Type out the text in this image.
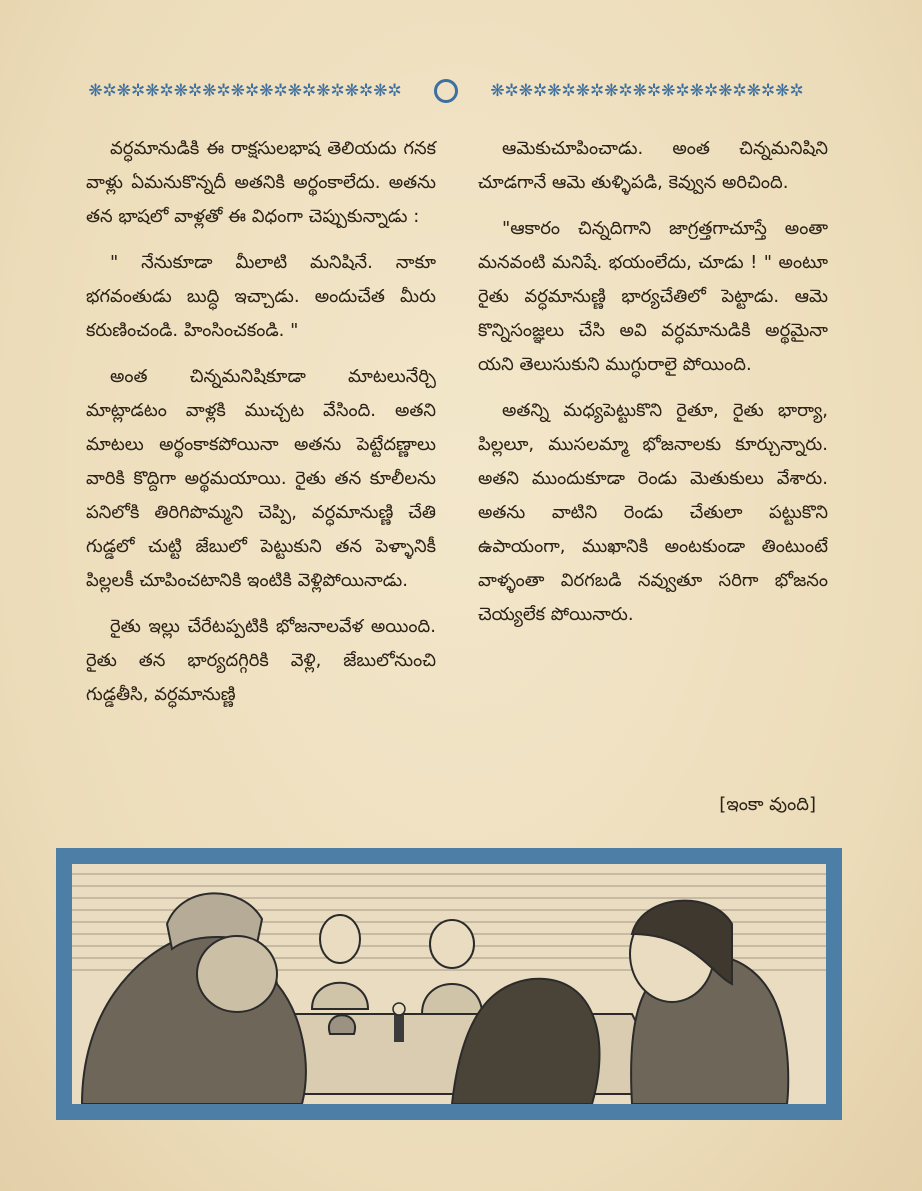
❋✲❋✲❋✲❋✲❋✲❋✲❋✲❋✲❋✲❋✲❋✲	❋✲❋✲❋✲❋✲❋✲❋✲❋✲❋✲❋✲❋✲❋✲

వర్ధమానుడికి ఈ రాక్షసులభాష తెలియదు గనక వాళ్లు ఏమనుకొన్నదీ అతనికి అర్థంకాలేదు. అతను తన భాషలో వాళ్లతో ఈ విధంగా చెప్పుకున్నాడు :

" నేనుకూడా మీలాటి మనిషినే. నాకూ భగవంతుడు బుద్ధి ఇచ్చాడు. అందుచేత మీరు కరుణించండి. హింసించకండి. "

అంత చిన్నమనిషికూడా మాటలునేర్చి మాట్లాడటం వాళ్లకి ముచ్చట వేసింది. అతని మాటలు అర్థంకాకపోయినా అతను పెట్టేదణ్ణాలు వారికి కొద్దిగా అర్థమయాయి. రైతు తన కూలీలను పనిలోకి తిరిగిపొమ్మని చెప్పి, వర్ధమానుణ్ణి చేతి గుడ్డలో చుట్టి జేబులో పెట్టుకుని తన పెళ్ళానికీ పిల్లలకీ చూపించటానికి ఇంటికి వెళ్లిపోయినాడు.

రైతు ఇల్లు చేరేటప్పటికి భోజనాలవేళ అయింది. రైతు తన భార్యదగ్గిరికి వెళ్లి, జేబులోనుంచి గుడ్డతీసి, వర్ధమానుణ్ణి

ఆమెకుచూపించాడు. అంత చిన్నమనిషిని చూడగానే ఆమె తుళ్ళిపడి, కెవ్వున అరిచింది.

"ఆకారం చిన్నదిగాని జాగ్రత్తగాచూస్తే అంతా మనవంటి మనిషే. భయంలేదు, చూడు ! " అంటూ రైతు వర్ధమానుణ్ణి భార్యచేతిలో పెట్టాడు. ఆమె కొన్నిసంజ్ఞలు చేసి అవి వర్ధమానుడికి అర్థమైనా యని తెలుసుకుని ముగ్ధురాలై పోయింది.

అతన్ని మధ్యపెట్టుకొని రైతూ, రైతు భార్యా, పిల్లలూ, ముసలమ్మా భోజనాలకు కూర్చున్నారు. అతని ముందుకూడా రెండు మెతుకులు వేశారు. అతను వాటిని రెండు చేతులా పట్టుకొని ఉపాయంగా, ముఖానికి అంటకుండా తింటుంటే వాళ్ళంతా విరగబడి నవ్వుతూ సరిగా భోజనం చెయ్యలేక పోయినారు.

[ఇంకా వుంది]
